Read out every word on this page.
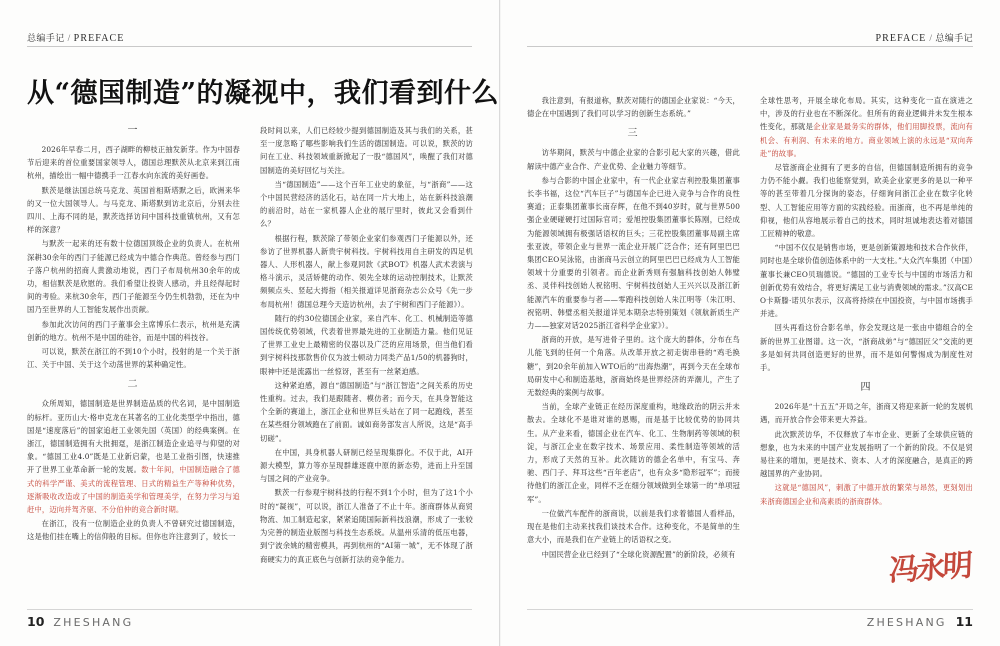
总编手记 / PREFACE
从“德国制造”的凝视中，我们看到什么
一

2026年早春二月，西子湖畔的柳枝正抽发新芽。作为中国春节后迎来的首位重要国家领导人，德国总理默茨从北京来到江南杭州，描绘出一幅中德携手一江春水向东流的美好画卷。

默茨是继法国总统马克龙、英国首相斯塔默之后，欧洲来华的又一位大国领导人。与马克龙、斯塔默到访北京后，分别去往四川、上海不同的是，默茨选择访问中国科技重镇杭州，又有怎样的深意？

与默茨一起来的还有数十位德国顶级企业的负责人。在杭州深耕30余年的西门子能源已经成为中德合作典范。曾经参与西门子落户杭州的招商人黄激动地说，西门子布局杭州30余年的成功，相信默茨是欣慰的。我们希望让投资人感动，并且经得起时间的考验。来杭30余年，西门子能源至今仍生机勃勃，还在为中国乃至世界的人工智能发展作出贡献。

参加此次访问的西门子董事会主席博乐仁表示，杭州是充满创新的地方。杭州不是中国的硅谷，而是中国的科技谷。

可以说，默茨在浙江的不到10个小时，投射的是一个关于浙江、关于中国、关于这个动荡世界的某种确定性。

二

众所周知，德国制造是世界制造品质的代名词，是中国制造的标杆。亚历山大·格申克龙在其著名的工业化类型学中指出，德国是“速度落后”的国家追赶工业领先国（英国）的经典案例。在浙江，德国制造拥有大批拥趸，是浙江制造企业追寻与仰望的对象。“德国工业4.0”既是工业新启蒙，也是工业指引图，快速推开了世界工业革命新一轮的发展。数十年间，中国制造融合了德式的科学严谨、美式的流程管理、日式的精益生产等种种优势，逐渐吸收改造或了中国的制造美学和管理美学，在努力学习与追赶中，迈向并驾齐驱、不分伯仲的竞合新时期。

在浙江，没有一位制造企业的负责人不曾研究过德国制造，这是他们挂在嘴上的信仰般的目标。但你也许注意到了，较长一

段时间以来，人们已经较少提到德国制造及其与我们的关系，甚至一度忽略了哪些影响我们生活的德国制造。可以说，默茨的访问在工业、科技领域重新掀起了一股“德国风”，唤醒了我们对德国制造的美好回忆与关注。

当“德国制造”——这个百年工业史的象征，与“浙商”——这个中国民营经济的活化石，站在同一片大地上，站在新科技浪潮的前沿时，站在一家机器人企业的展厅里时，彼此又会看到什么？

根据行程，默茨除了带领企业家们参观西门子能源以外，还参访了世界机器人新贵宇树科技。宇树科技用自主研发的四足机器人、人形机器人，献上参观同款《武BOT》机器人武术表演与格斗演示，灵活矫健的动作、领先全球的运动控制技术，让默茨频频点头、竖起大拇指（相关报道详见浙商杂志公众号《先一步布局杭州！德国总理今天造访杭州，去了宇树和西门子能源》）。

随行的约30位德国企业家，来自汽车、化工、机械制造等德国传统优势领域，代表着世界最先进的工业制造力量。他们见证了世界工业史上最精密的仪器以及广泛的应用场景，但当他们看到宇树科技那款售价仅为波士顿动力同类产品1/50的机器狗时，眼神中还是流露出一丝惊讶，甚至有一丝紧迫感。

这种紧迫感，源自“德国制造”与“浙江智造”之间关系的历史性重构。过去，我们是跟随者、模仿者；而今天，在具身智能这个全新的赛道上，浙江企业和世界巨头站在了同一起跑线，甚至在某些细分领域跑在了前面。诚如商务部发言人所说，这是“高手切磋”。

在中国，具身机器人研制已经呈现集群化。不仅于此，AI开源大模型，算力等亦呈现群雄逐鹿中原的新态势，进而上升至国与国之间的产业竞争。

默茨一行参观宇树科技的行程不到1个小时，但为了这1个小时的“凝视”，可以说，浙江人准备了不止十年。浙商群体从商贸物流、加工制造起家，紧紧追随国际新科技浪潮，形成了一张较为完善的制造业版图与科技生态系统。从温州乐清的低压电器，到宁波余姚的精密模具，再到杭州的“AI第一城”，无不体现了浙商硬实力的真正底色与创新打法的竞争能力。

10 ZHESHANG
PREFACE / 总编手记

我注意到，有报道称，默茨对随行的德国企业家说：“今天，德企在中国遇到了我们可以学习的创新生态系统。”

三

访华期间，默茨与中德企业家的合影引起大家的兴趣，借此解读中德产业合作、产业优势、企业魅力等细节。

参与合影的中国企业家中，有一代企业家吉利控股集团董事长李书福，这位“汽车巨子”与德国车企已进入竞争与合作的良性赛道；正泰集团董事长南存辉，在他不到40岁时，就与世界500强企业硬碰硬打过国际官司；爱旭控股集团董事长陈刚，已经成为能源领域拥有极强话语权的巨头；三花控股集团董事局副主席张亚波，带领企业与世界一流企业开展广泛合作；还有阿里巴巴集团CEO吴泳铭，由浙商马云创立的阿里巴巴已经成为人工智能领域十分重要的引领者。而企业新秀则有强脑科技创始人韩璧丞、灵伴科技创始人祝铭明、宇树科技创始人王兴兴以及浙江新能源汽车的重要参与者——零跑科技创始人朱江明等（朱江明、祝铭明、韩璧丞相关报道详见本期杂志特别策划《领航新质生产力——独家对话2025浙江省科学企业家》）。

浙商的开放，是写进骨子里的。这个庞大的群体，分布在鸟儿能飞到的任何一个角落。从改革开放之初走街串巷的“鸡毛换糖”，到20余年前加入WTO后的“出海热潮”，再到今天在全球布局研发中心和制造基地，浙商始终是世界经济的弄潮儿，产生了无数经典的案例与故事。

当前，全球产业链正在经历深度重构，地缘政治的阴云并未散去。全球化不是谁对谁的恩赐，而是基于比较优势的协同共生。从产业来看，德国企业在汽车、化工、生物制药等领域的积淀，与浙江企业在数字技术、场景应用、柔性制造等领域的活力，形成了天然的互补。此次随访的德企名单中，有宝马、奔驰、西门子、拜耳这些“百年老店”，也有众多“隐形冠军”；而接待他们的浙江企业，同样不乏在细分领域做到全球第一的“单项冠军”。

一位做汽车配件的浙商说，以前是我们求着德国人看样品，现在是他们主动来找我们谈技术合作。这种变化，不是简单的生意大小，而是我们在产业链上的话语权之变。

中国民营企业已经到了“全球化资源配置”的新阶段，必须有

全球性思考，开展全球化布局。其实，这种变化一直在演进之中，涉及的行业也在不断深化。但所有的商业逻辑并未发生根本性变化，那就是企业家是最务实的群体，他们用脚投票，流向有机会、有利润、有未来的地方。商业领域上演的永远是“双向奔赴”的故事。

尽管浙商企业拥有了更多的自信，但德国制造所拥有的竞争力仍不能小觑。我们也能察觉到，欧美企业家更多的是以一种平等的甚至带着几分探询的姿态，仔细询问浙江企业在数字化转型、人工智能应用等方面的实践经验。而浙商，也不再是单纯的仰视，他们从容地展示着自己的技术，同时坦诚地表达着对德国工匠精神的敬意。

“中国不仅仅是销售市场，更是创新策源地和技术合作伙伴，同时也是全球价值创造体系中的一大支柱。”大众汽车集团（中国）董事长兼CEO贝瑞德说。“德国的工业专长与中国的市场活力和创新优势有效结合，将更好满足工业与消费领域的需求。”汉高CEO卡斯滕·诺贝尔表示，汉高将持续在中国投资，与中国市场携手并进。

回头再看这份合影名单，你会发现这是一张由中德组合的全新的世界工业图谱。这一次，“浙商战弟”与“德国匠父”交流的更多是如何共同创造更好的世界，而不是如何警惕成为制度性对手。

四

2026年是“十五五”开局之年，浙商又将迎来新一轮的发展机遇，而开放合作会带来更大养益。

此次默茨访华，不仅释放了车市企业、更新了全球供应链的想象，也为未来的中国产业发展指明了一个新的阶段。不仅是贸易往来的增加，更是技术、资本、人才的深度融合，是真正的跨越国界的产业协同。

这就是“德国风”，刺激了中德开放的繁荣与昂然，更刻划出来浙商德国企业和高素质的浙商群体。

冯永明
ZHESHANG 11
